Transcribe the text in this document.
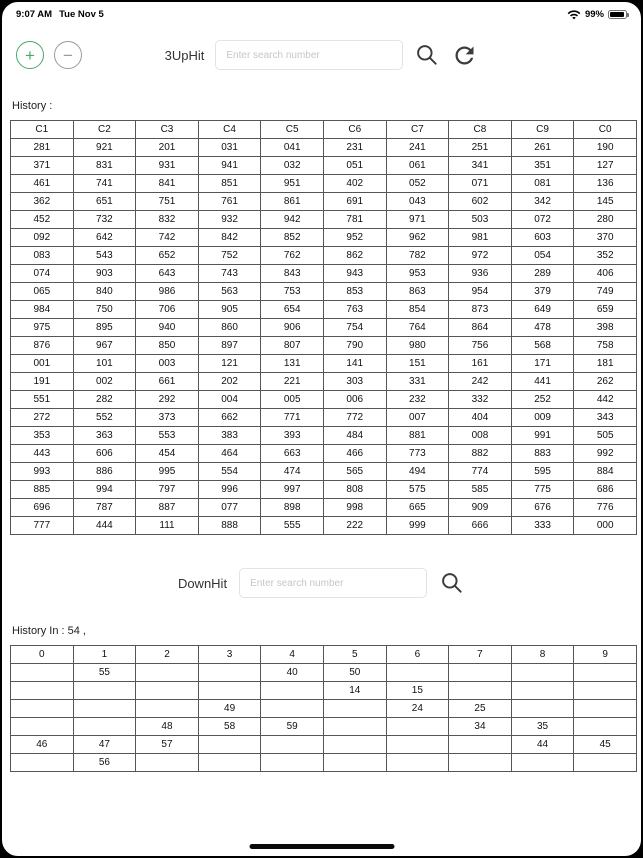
9:07 AM Tue Nov 5	99%
+	−	3UpHit
Enter search number
History :
C1	C2	C3	C4	C5	C6	C7	C8	C9	C0
281	921	201	031	041	231	241	251	261	190
371	831	931	941	032	051	061	341	351	127
461	741	841	851	951	402	052	071	081	136
362	651	751	761	861	691	043	602	342	145
452	732	832	932	942	781	971	503	072	280
092	642	742	842	852	952	962	981	603	370
083	543	652	752	762	862	782	972	054	352
074	903	643	743	843	943	953	936	289	406
065	840	986	563	753	853	863	954	379	749
984	750	706	905	654	763	854	873	649	659
975	895	940	860	906	754	764	864	478	398
876	967	850	897	807	790	980	756	568	758
001	101	003	121	131	141	151	161	171	181
191	002	661	202	221	303	331	242	441	262
551	282	292	004	005	006	232	332	252	442
272	552	373	662	771	772	007	404	009	343
353	363	553	383	393	484	881	008	991	505
443	606	454	464	663	466	773	882	883	992
993	886	995	554	474	565	494	774	595	884
885	994	797	996	997	808	575	585	775	686
696	787	887	077	898	998	665	909	676	776
777	444	111	888	555	222	999	666	333	000
DownHit
Enter search number
History In : 54 ,
0	1	2	3	4	5	6	7	8	9
	55			40	50				
					14	15			
			49			24	25		
		48	58	59			34	35	
46	47	57						44	45
	56								
